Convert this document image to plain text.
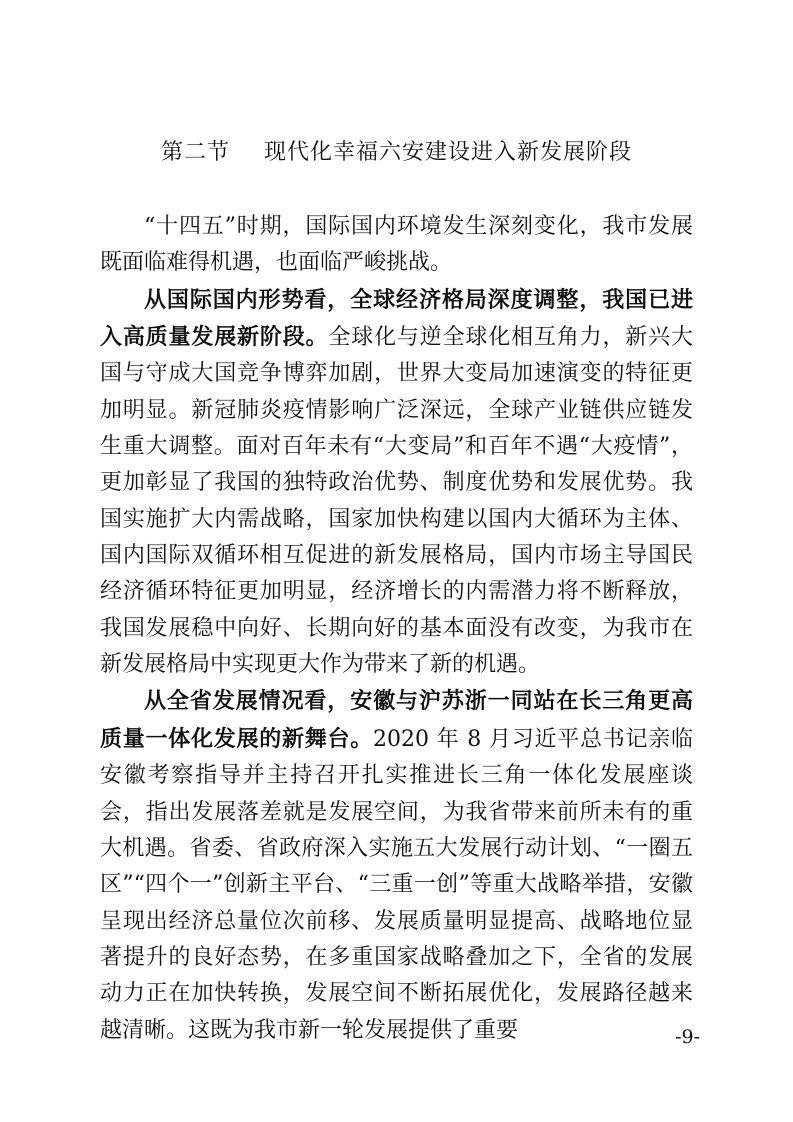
第二节 现代化幸福六安建设进入新发展阶段

“十四五”时期，国际国内环境发生深刻变化，我市发展既面临难得机遇，也面临严峻挑战。

从国际国内形势看，全球经济格局深度调整，我国已进入高质量发展新阶段。全球化与逆全球化相互角力，新兴大国与守成大国竞争博弈加剧，世界大变局加速演变的特征更加明显。新冠肺炎疫情影响广泛深远，全球产业链供应链发生重大调整。面对百年未有“大变局”和百年不遇“大疫情”，更加彰显了我国的独特政治优势、制度优势和发展优势。我国实施扩大内需战略，国家加快构建以国内大循环为主体、国内国际双循环相互促进的新发展格局，国内市场主导国民经济循环特征更加明显，经济增长的内需潜力将不断释放，我国发展稳中向好、长期向好的基本面没有改变，为我市在新发展格局中实现更大作为带来了新的机遇。

从全省发展情况看，安徽与沪苏浙一同站在长三角更高质量一体化发展的新舞台。2020 年 8 月习近平总书记亲临安徽考察指导并主持召开扎实推进长三角一体化发展座谈会，指出发展落差就是发展空间，为我省带来前所未有的重大机遇。省委、省政府深入实施五大发展行动计划、“一圈五区”“四个一”创新主平台、“三重一创”等重大战略举措，安徽呈现出经济总量位次前移、发展质量明显提高、战略地位显著提升的良好态势，在多重国家战略叠加之下，全省的发展动力正在加快转换，发展空间不断拓展优化，发展路径越来越清晰。这既为我市新一轮发展提供了重要	-9-
